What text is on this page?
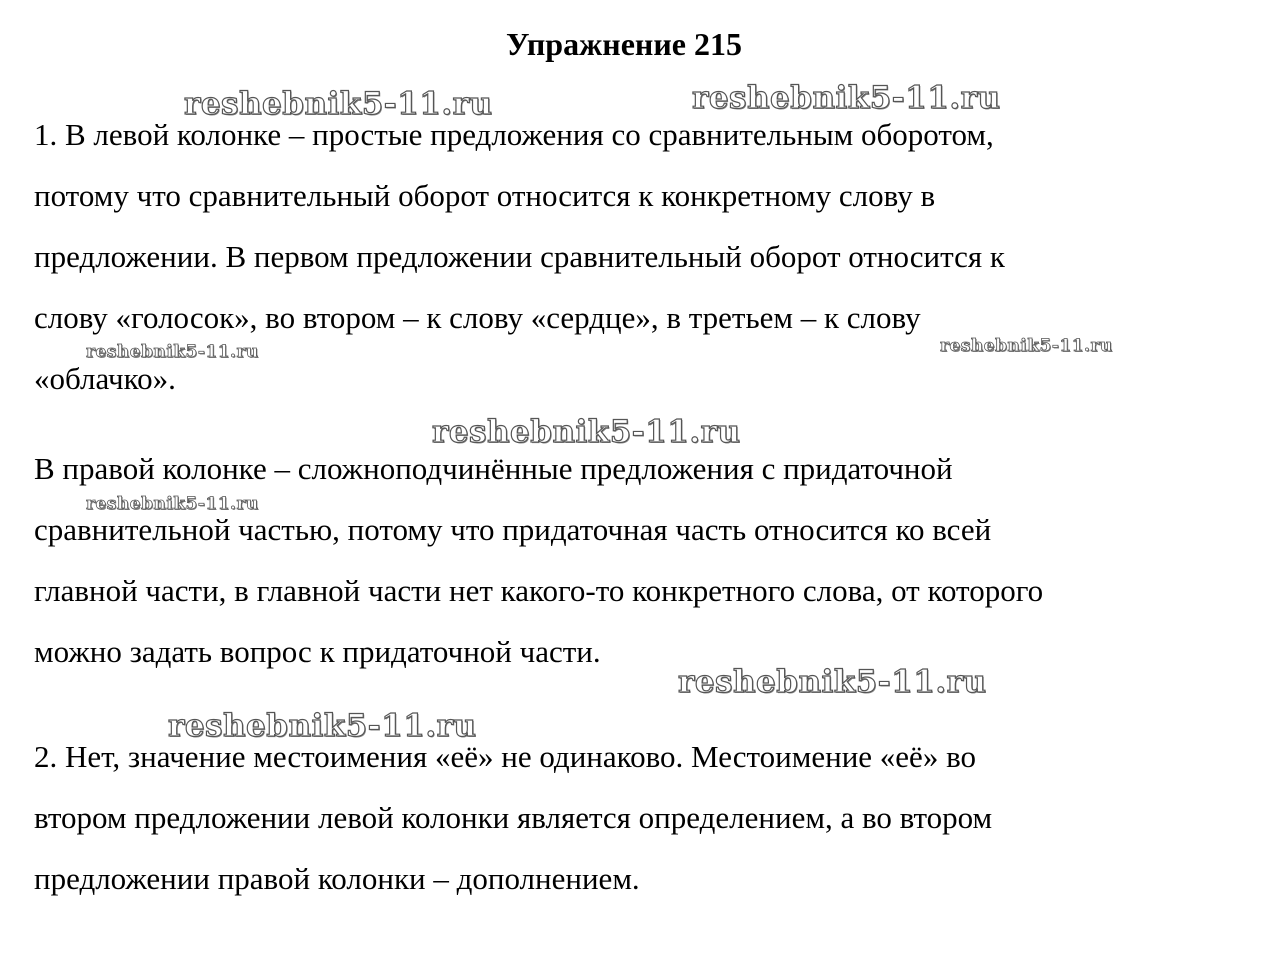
Упражнение 215
1. В левой колонке – простые предложения со сравнительным оборотом,
потому что сравнительный оборот относится к конкретному слову в
предложении. В первом предложении сравнительный оборот относится к
слову «голосок», во втором – к слову «сердце», в третьем – к слову
«облачко».
В правой колонке – сложноподчинённые предложения с придаточной
сравнительной частью, потому что придаточная часть относится ко всей
главной части, в главной части нет какого-то конкретного слова, от которого
можно задать вопрос к придаточной части.
2. Нет, значение местоимения «её» не одинаково. Местоимение «её» во
втором предложении левой колонки является определением, а во втором
предложении правой колонки – дополнением.
reshebnik5-11.ru	reshebnik5-11.ru
reshebnik5-11.ru	reshebnik5-11.ru
reshebnik5-11.ru
reshebnik5-11.ru
reshebnik5-11.ru
reshebnik5-11.ru
